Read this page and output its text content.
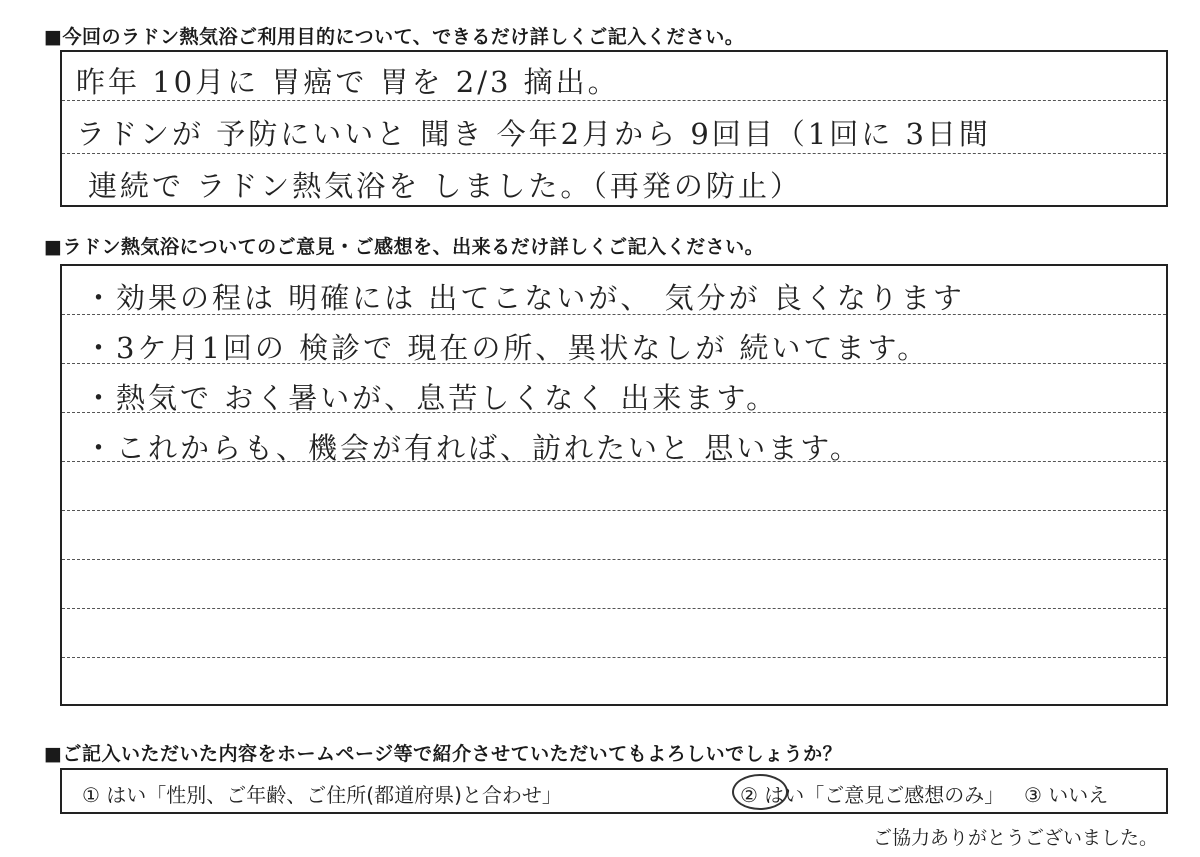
■今回のラドン熱気浴ご利用目的について、できるだけ詳しくご記入ください。
昨年 10月に 胃癌で 胃を 2/3 摘出。
ラドンが 予防にいいと 聞き 今年2月から 9回目（1回に 3日間
連続で ラドン熱気浴を しました。（再発の防止）
■ラドン熱気浴についてのご意見・ご感想を、出来るだけ詳しくご記入ください。
・効果の程は 明確には 出てこないが、 気分が 良くなります
・3ケ月1回の 検診で 現在の所、異状なしが 続いてます。
・熱気で おく暑いが、息苦しくなく 出来ます。
・これからも、機会が有れば、訪れたいと 思います。
■ご記入いただいた内容をホームページ等で紹介させていただいてもよろしいでしょうか？
① はい「性別、ご年齢、ご住所(都道府県)と合わせ」	② はい「ご意見ご感想のみ」 ③ いいえ
ご協力ありがとうございました。
